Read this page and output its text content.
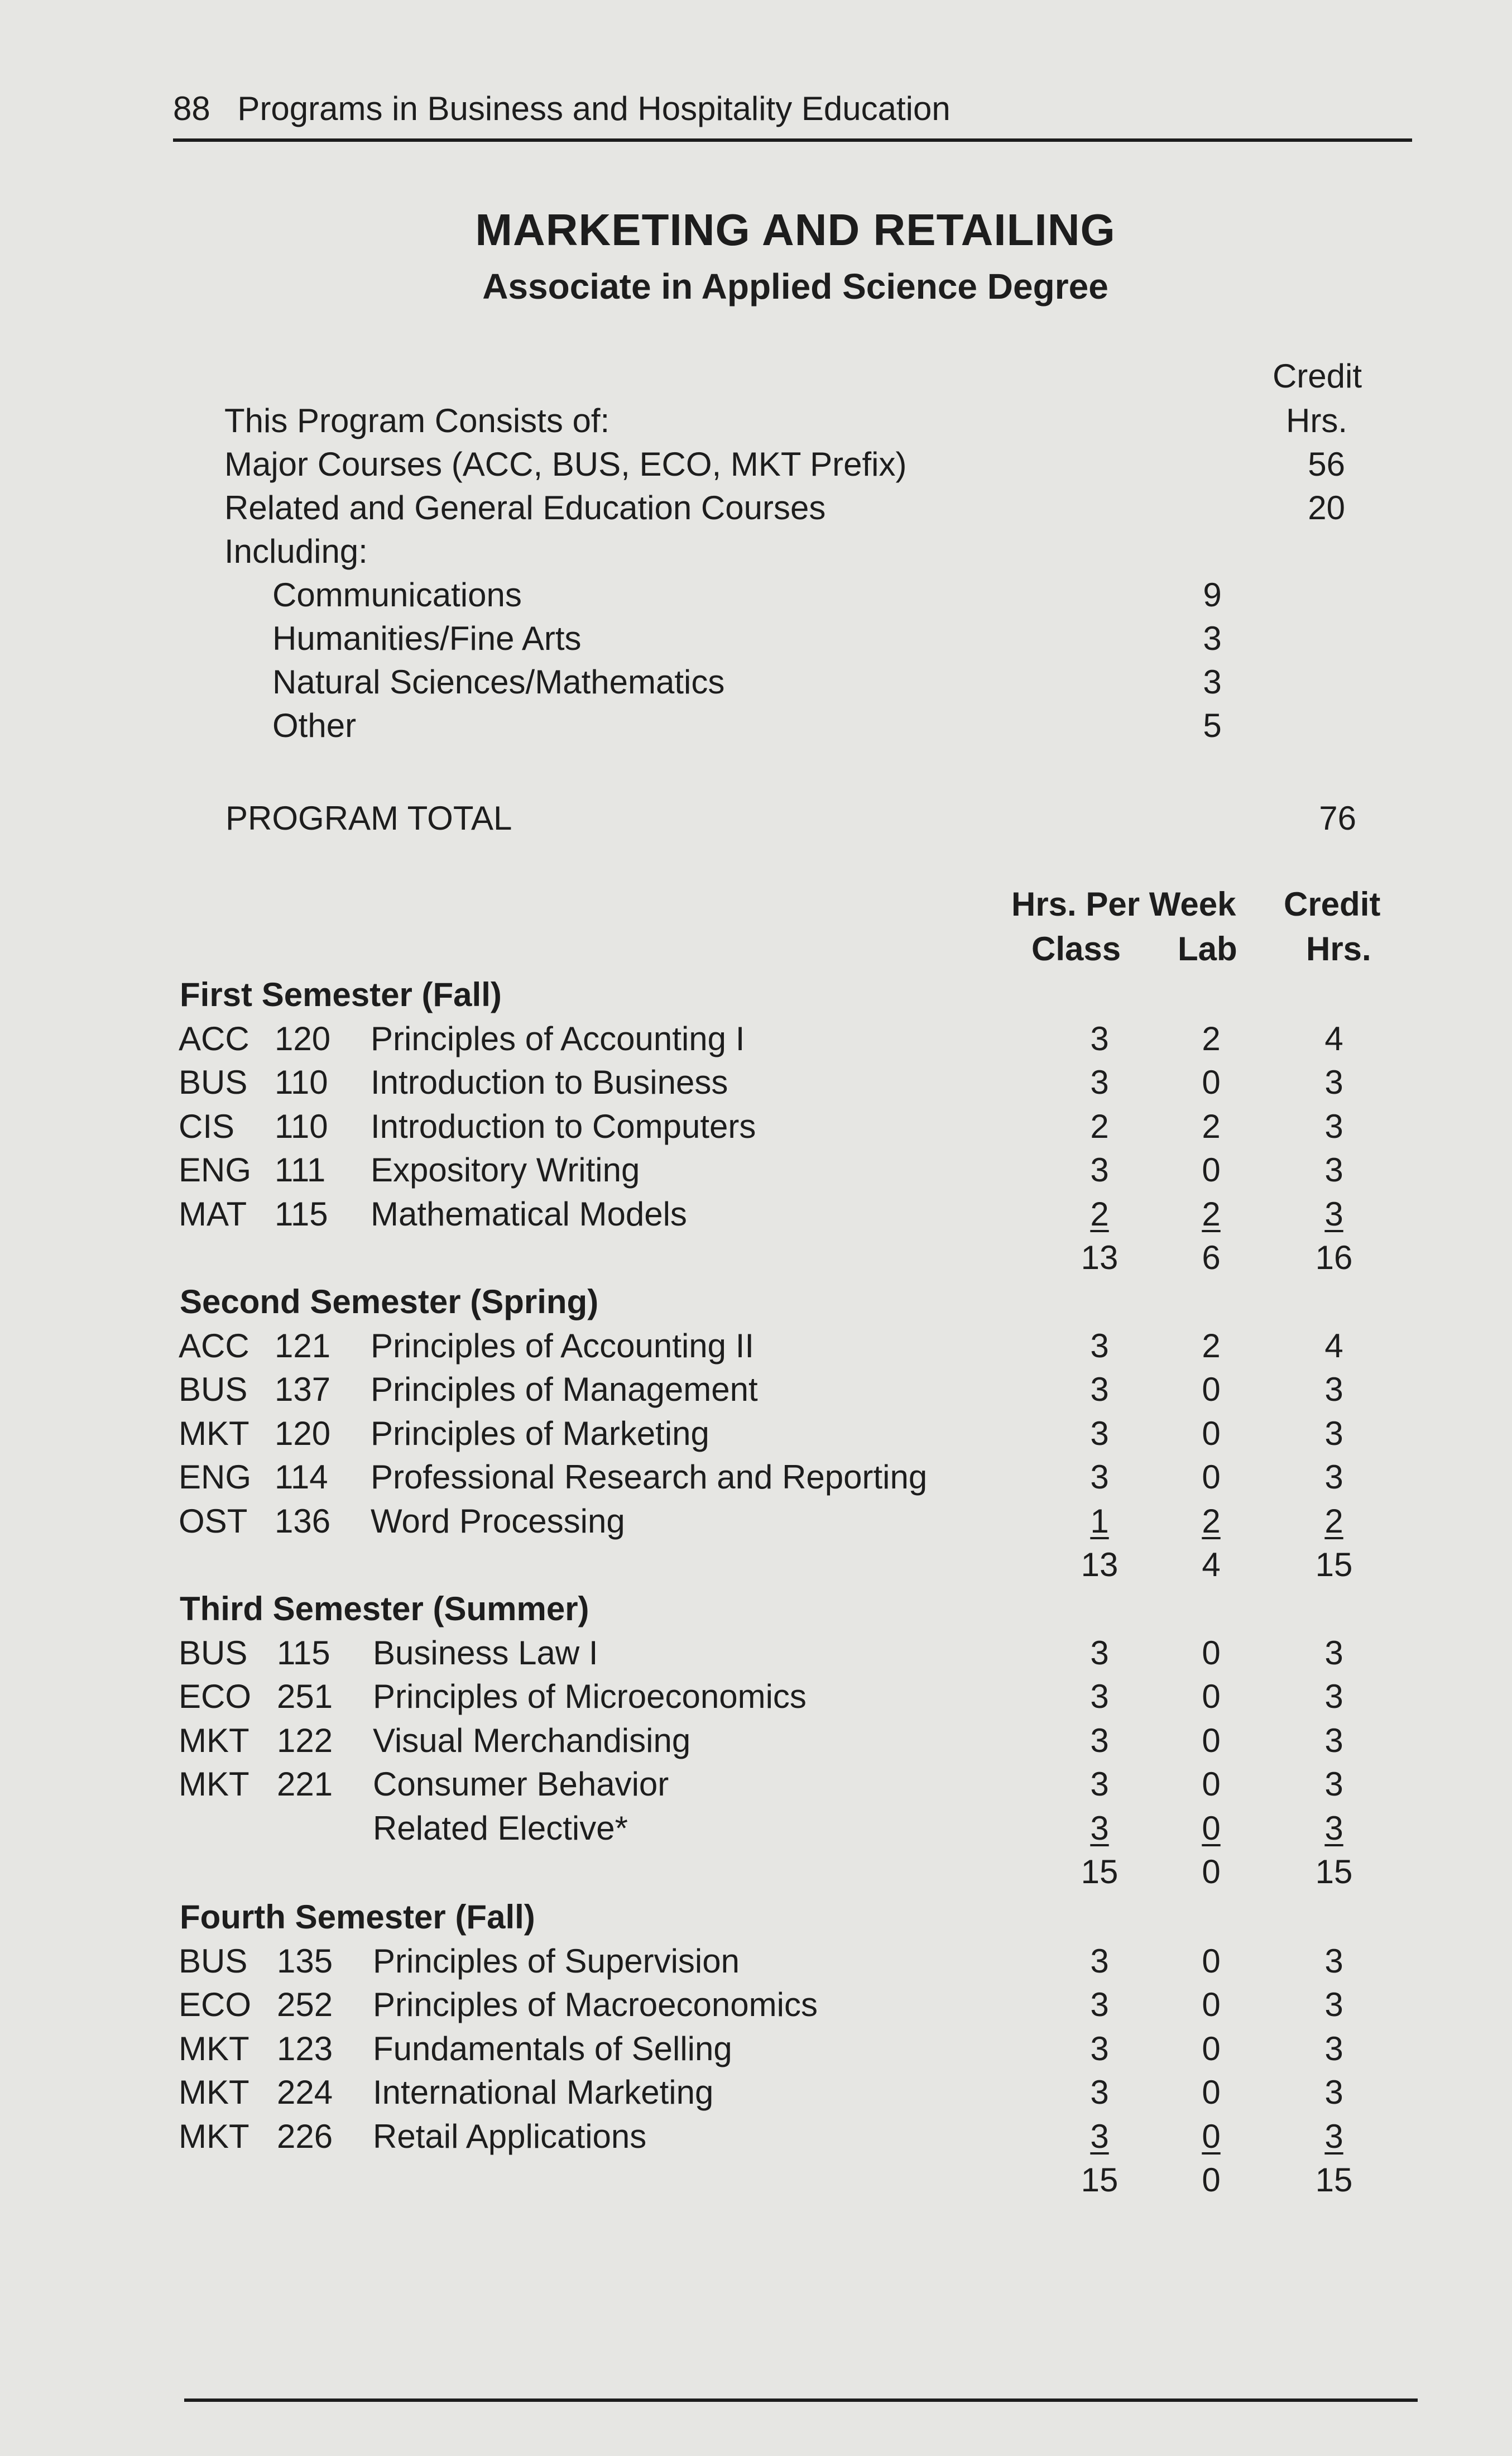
88 Programs in Business and Hospitality Education
MARKETING AND RETAILING
Associate in Applied Science Degree
Credit
This Program Consists of:	Hrs.
Major Courses (ACC, BUS, ECO, MKT Prefix)	56
Related and General Education Courses	20
Including:
Communications	9
Humanities/Fine Arts	3
Natural Sciences/Mathematics	3
Other	5
PROGRAM TOTAL	76
Hrs. Per Week Credit
Class Lab Hrs.
First Semester (Fall)
ACC 120 Principles of Accounting I	3	2	4
BUS 110 Introduction to Business	3	0	3
CIS 110 Introduction to Computers	2	2	3
ENG 111 Expository Writing	3	0	3
MAT 115 Mathematical Models	2	2	3
13	6	16
Second Semester (Spring)
ACC 121 Principles of Accounting II	3	2	4
BUS 137 Principles of Management	3	0	3
MKT 120 Principles of Marketing	3	0	3
ENG 114 Professional Research and Reporting	3	0	3
OST 136 Word Processing	1	2	2
13	4	15
Third Semester (Summer)
BUS 115 Business Law I	3	0	3
ECO 251 Principles of Microeconomics	3	0	3
MKT 122 Visual Merchandising	3	0	3
MKT 221 Consumer Behavior	3	0	3
Related Elective*	3	0	3
15	0	15
Fourth Semester (Fall)
BUS 135 Principles of Supervision	3	0	3
ECO 252 Principles of Macroeconomics	3	0	3
MKT 123 Fundamentals of Selling	3	0	3
MKT 224 International Marketing	3	0	3
MKT 226 Retail Applications	3	0	3
15	0	15
